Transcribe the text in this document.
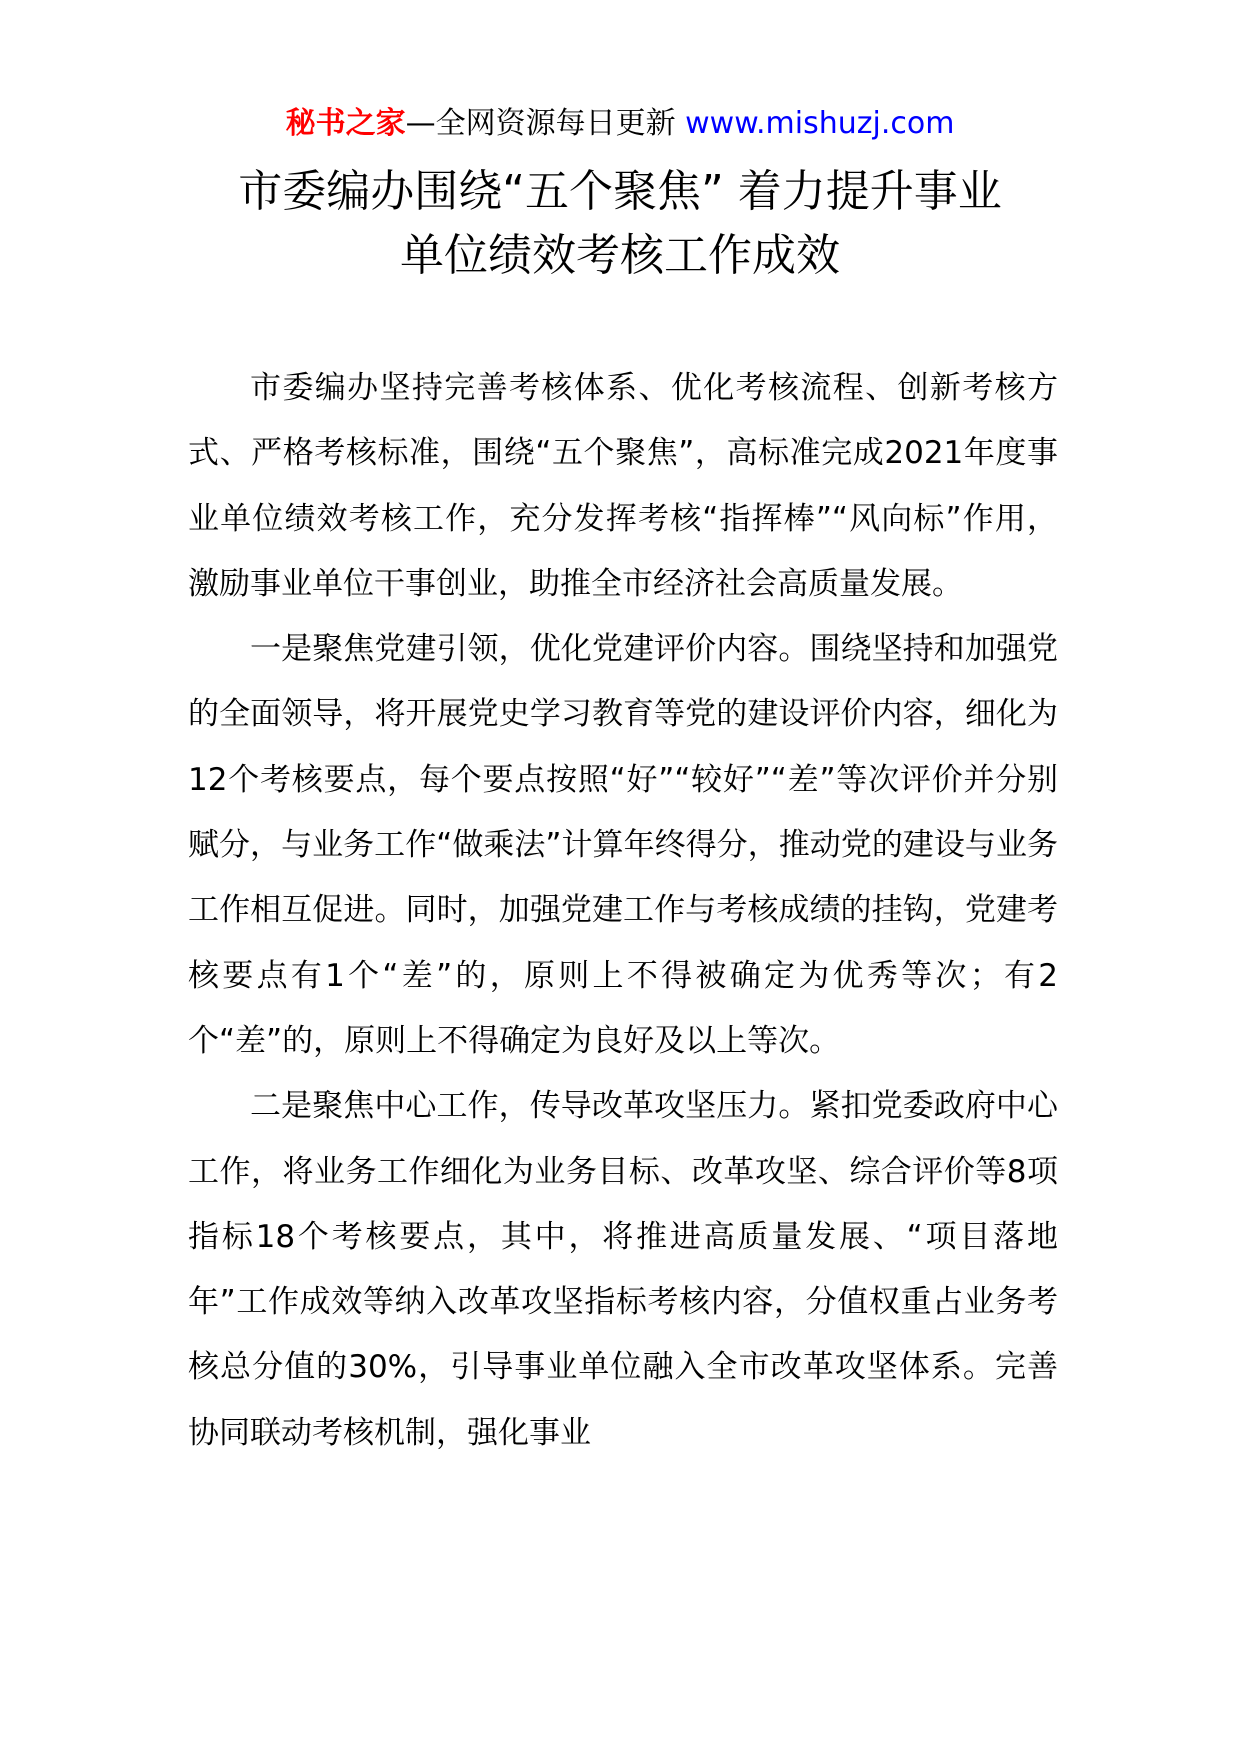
秘书之家—全网资源每日更新 www.mishuzj.com
市委编办围绕“五个聚焦” 着力提升事业
单位绩效考核工作成效

市委编办坚持完善考核体系、优化考核流程、创新考核方式、严格考核标准，围绕“五个聚焦”，高标准完成2021年度事业单位绩效考核工作，充分发挥考核“指挥棒”“风向标”作用，激励事业单位干事创业，助推全市经济社会高质量发展。

一是聚焦党建引领，优化党建评价内容。围绕坚持和加强党的全面领导，将开展党史学习教育等党的建设评价内容，细化为12个考核要点，每个要点按照“好”“较好”“差”等次评价并分别赋分，与业务工作“做乘法”计算年终得分，推动党的建设与业务工作相互促进。同时，加强党建工作与考核成绩的挂钩，党建考核要点有1个“差”的，原则上不得被确定为优秀等次；有2个“差”的，原则上不得确定为良好及以上等次。

二是聚焦中心工作，传导改革攻坚压力。紧扣党委政府中心工作，将业务工作细化为业务目标、改革攻坚、综合评价等8项指标18个考核要点，其中，将推进高质量发展、“项目落地年”工作成效等纳入改革攻坚指标考核内容，分值权重占业务考核总分值的30%，引导事业单位融入全市改革攻坚体系。完善协同联动考核机制，强化事业
